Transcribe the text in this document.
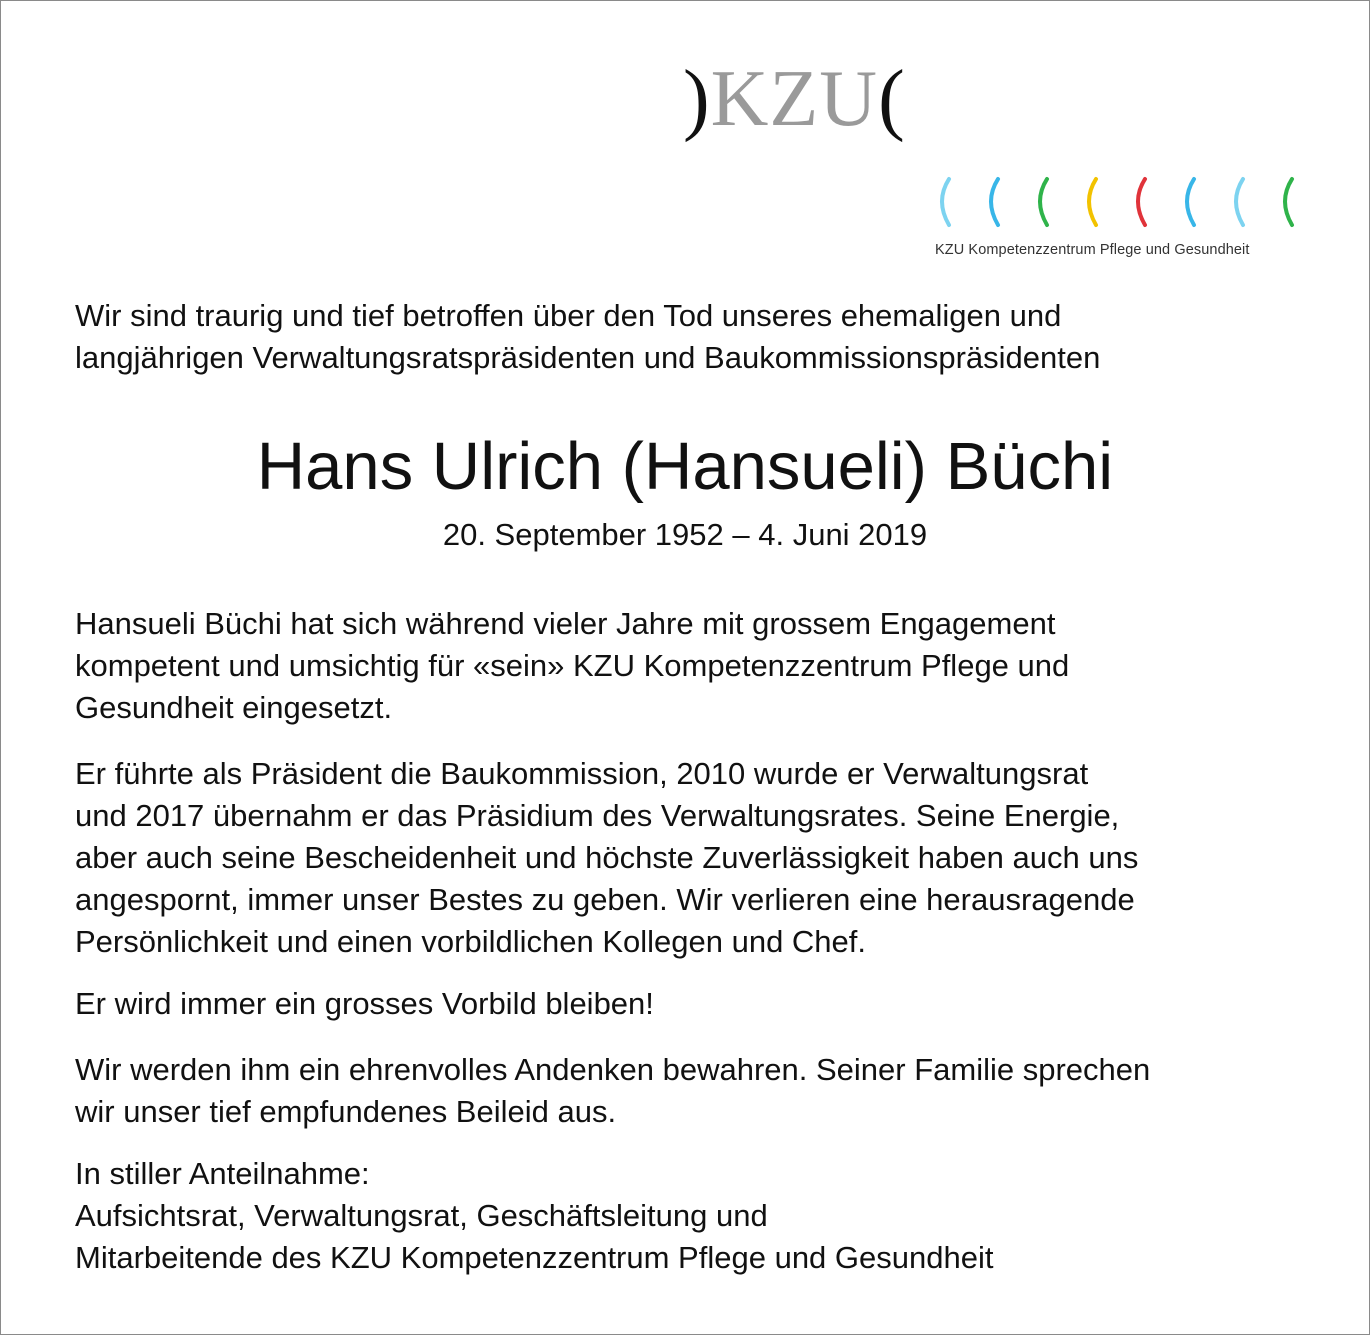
)KZU(
KZU Kompetenzzentrum Pflege und Gesundheit

Wir sind traurig und tief betroffen über den Tod unseres ehemaligen und
langjährigen Verwaltungsratspräsidenten und Baukommissionspräsidenten

Hans Ulrich (Hansueli) Büchi
20. September 1952 – 4. Juni 2019

Hansueli Büchi hat sich während vieler Jahre mit grossem Engagement
kompetent und umsichtig für «sein» KZU Kompetenzzentrum Pflege und
Gesundheit eingesetzt.

Er führte als Präsident die Baukommission, 2010 wurde er Verwaltungsrat
und 2017 übernahm er das Präsidium des Verwaltungsrates. Seine Energie,
aber auch seine Bescheidenheit und höchste Zuverlässigkeit haben auch uns
angespornt, immer unser Bestes zu geben. Wir verlieren eine herausragende
Persönlichkeit und einen vorbildlichen Kollegen und Chef.

Er wird immer ein grosses Vorbild bleiben!

Wir werden ihm ein ehrenvolles Andenken bewahren. Seiner Familie sprechen
wir unser tief empfundenes Beileid aus.

In stiller Anteilnahme:
Aufsichtsrat, Verwaltungsrat, Geschäftsleitung und
Mitarbeitende des KZU Kompetenzzentrum Pflege und Gesundheit
